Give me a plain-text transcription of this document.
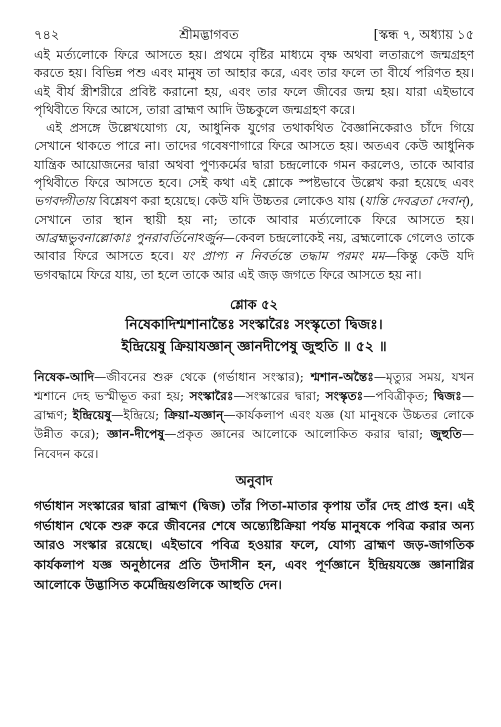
৭৪২	শ্রীমদ্ভাগবত	[স্কন্ধ ৭, অধ্যায় ১৫

এই মর্ত্যলোকে ফিরে আসতে হয়। প্রথমে বৃষ্টির মাধ্যমে বৃক্ষ অথবা লতারূপে জন্মগ্রহণ করতে হয়। বিভিন্ন পশু এবং মানুষ তা আহার করে, এবং তার ফলে তা বীর্যে পরিণত হয়। এই বীর্য স্ত্রীশরীরে প্রবিষ্ট করানো হয়, এবং তার ফলে জীবের জন্ম হয়। যারা এইভাবে পৃথিবীতে ফিরে আসে, তারা ব্রাহ্মণ আদি উচ্চকুলে জন্মগ্রহণ করে।

এই প্রসঙ্গে উল্লেখযোগ্য যে, আধুনিক যুগের তথাকথিত বৈজ্ঞানিকেরাও চাঁদে গিয়ে সেখানে থাকতে পারে না। তাদের গবেষণাগারে ফিরে আসতে হয়। অতএব কেউ আধুনিক যান্ত্রিক আয়োজনের দ্বারা অথবা পুণ্যকর্মের দ্বারা চন্দ্রলোকে গমন করলেও, তাকে আবার পৃথিবীতে ফিরে আসতে হবে। সেই কথা এই শ্লোকে স্পষ্টভাবে উল্লেখ করা হয়েছে এবং ভগবদ্গীতায় বিশ্লেষণ করা হয়েছে। কেউ যদি উচ্চতর লোকেও যায় (যান্তি দেবব্রতা দেবান্), সেখানে তার স্থান স্থায়ী হয় না; তাকে আবার মর্ত্যলোকে ফিরে আসতে হয়। আব্রহ্মভুবনাল্লোকাঃ পুনরাবর্তিনোঽর্জুন—কেবল চন্দ্রলোকেই নয়, ব্রহ্মলোকে গেলেও তাকে আবার ফিরে আসতে হবে। যং প্রাপ্য ন নিবর্তন্তে তদ্ধাম পরমং মম—কিন্তু কেউ যদি ভগবদ্ধামে ফিরে যায়, তা হলে তাকে আর এই জড় জগতে ফিরে আসতে হয় না।

শ্লোক ৫২
নিষেকাদিশ্মশানান্তৈঃ সংস্কারৈঃ সংস্কৃতো দ্বিজঃ।
ইন্দ্রিয়েষু ক্রিয়াযজ্ঞান্ জ্ঞানদীপেষু জুহুতি ॥ ৫২ ॥
নিষেক-আদি—জীবনের শুরু থেকে (গর্ভাধান সংস্কার); শ্মশান-অন্তৈঃ—মৃত্যুর সময়, যখন শ্মশানে দেহ ভস্মীভূত করা হয়; সংস্কারৈঃ—সংস্কারের দ্বারা; সংস্কৃতঃ—পবিত্রীকৃত; দ্বিজঃ—ব্রাহ্মণ; ইন্দ্রিয়েষু—ইন্দ্রিয়ে; ক্রিয়া-যজ্ঞান্—কার্যকলাপ এবং যজ্ঞ (যা মানুষকে উচ্চতর লোকে উন্নীত করে); জ্ঞান-দীপেষু—প্রকৃত জ্ঞানের আলোকে আলোকিত করার দ্বারা; জুহুতি—নিবেদন করে।
অনুবাদ
গর্ভাধান সংস্কারের দ্বারা ব্রাহ্মণ (দ্বিজ) তাঁর পিতা-মাতার কৃপায় তাঁর দেহ প্রাপ্ত হন। এই গর্ভাধান থেকে শুরু করে জীবনের শেষে অন্ত্যেষ্টিক্রিয়া পর্যন্ত মানুষকে পবিত্র করার অন্য আরও সংস্কার রয়েছে। এইভাবে পবিত্র হওয়ার ফলে, যোগ্য ব্রাহ্মণ জড়-জাগতিক কার্যকলাপ যজ্ঞ অনুষ্ঠানের প্রতি উদাসীন হন, এবং পূর্ণজ্ঞানে ইন্দ্রিয়যজ্ঞে জ্ঞানাগ্নির আলোকে উদ্ভাসিত কর্মেন্দ্রিয়গুলিকে আহুতি দেন।
